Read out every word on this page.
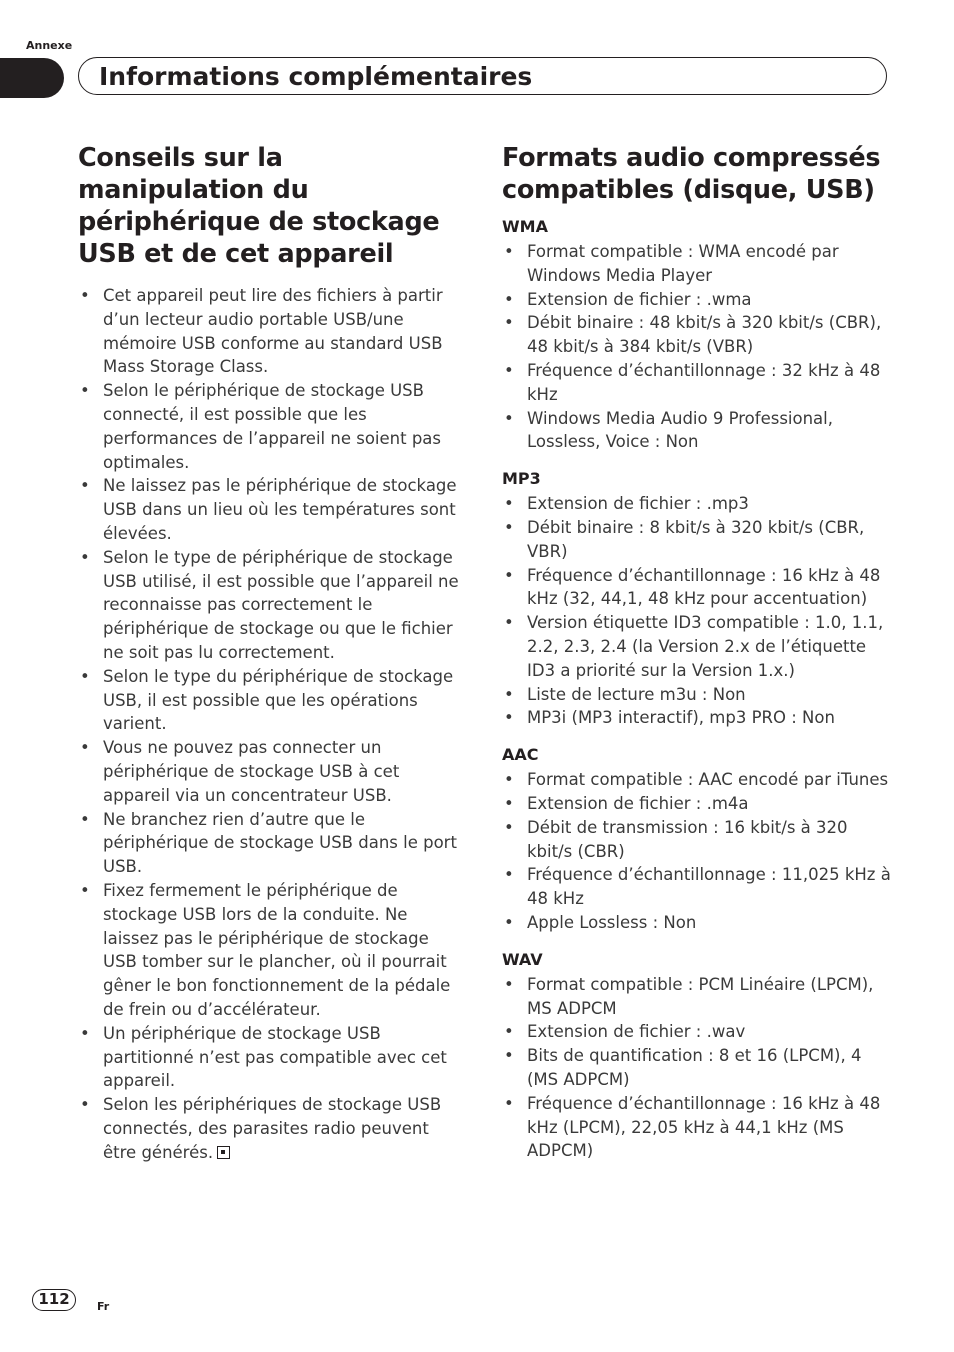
Annexe
Informations complémentaires
Conseils sur la manipulation du périphérique de stockage USB et de cet appareil
• Cet appareil peut lire des fichiers à partir d’un lecteur audio portable USB/une mémoire USB conforme au standard USB Mass Storage Class.
• Selon le périphérique de stockage USB connecté, il est possible que les performances de l’appareil ne soient pas optimales.
• Ne laissez pas le périphérique de stockage USB dans un lieu où les températures sont élevées.
• Selon le type de périphérique de stockage USB utilisé, il est possible que l’appareil ne reconnaisse pas correctement le périphérique de stockage ou que le fichier ne soit pas lu correctement.
• Selon le type du périphérique de stockage USB, il est possible que les opérations varient.
• Vous ne pouvez pas connecter un périphérique de stockage USB à cet appareil via un concentrateur USB.
• Ne branchez rien d’autre que le périphérique de stockage USB dans le port USB.
• Fixez fermement le périphérique de stockage USB lors de la conduite. Ne laissez pas le périphérique de stockage USB tomber sur le plancher, où il pourrait gêner le bon fonctionnement de la pédale de frein ou d’accélérateur.
• Un périphérique de stockage USB partitionné n’est pas compatible avec cet appareil.
• Selon les périphériques de stockage USB connectés, des parasites radio peuvent être générés.
Formats audio compressés compatibles (disque, USB)
WMA
• Format compatible : WMA encodé par Windows Media Player
• Extension de fichier : .wma
• Débit binaire : 48 kbit/s à 320 kbit/s (CBR), 48 kbit/s à 384 kbit/s (VBR)
• Fréquence d’échantillonnage : 32 kHz à 48 kHz
• Windows Media Audio 9 Professional, Lossless, Voice : Non
MP3
• Extension de fichier : .mp3
• Débit binaire : 8 kbit/s à 320 kbit/s (CBR, VBR)
• Fréquence d’échantillonnage : 16 kHz à 48 kHz (32, 44,1, 48 kHz pour accentuation)
• Version étiquette ID3 compatible : 1.0, 1.1, 2.2, 2.3, 2.4 (la Version 2.x de l’étiquette ID3 a priorité sur la Version 1.x.)
• Liste de lecture m3u : Non
• MP3i (MP3 interactif), mp3 PRO : Non
AAC
• Format compatible : AAC encodé par iTunes
• Extension de fichier : .m4a
• Débit de transmission : 16 kbit/s à 320 kbit/s (CBR)
• Fréquence d’échantillonnage : 11,025 kHz à 48 kHz
• Apple Lossless : Non
WAV
• Format compatible : PCM Linéaire (LPCM), MS ADPCM
• Extension de fichier : .wav
• Bits de quantification : 8 et 16 (LPCM), 4 (MS ADPCM)
• Fréquence d’échantillonnage : 16 kHz à 48 kHz (LPCM), 22,05 kHz à 44,1 kHz (MS ADPCM)
112	Fr
